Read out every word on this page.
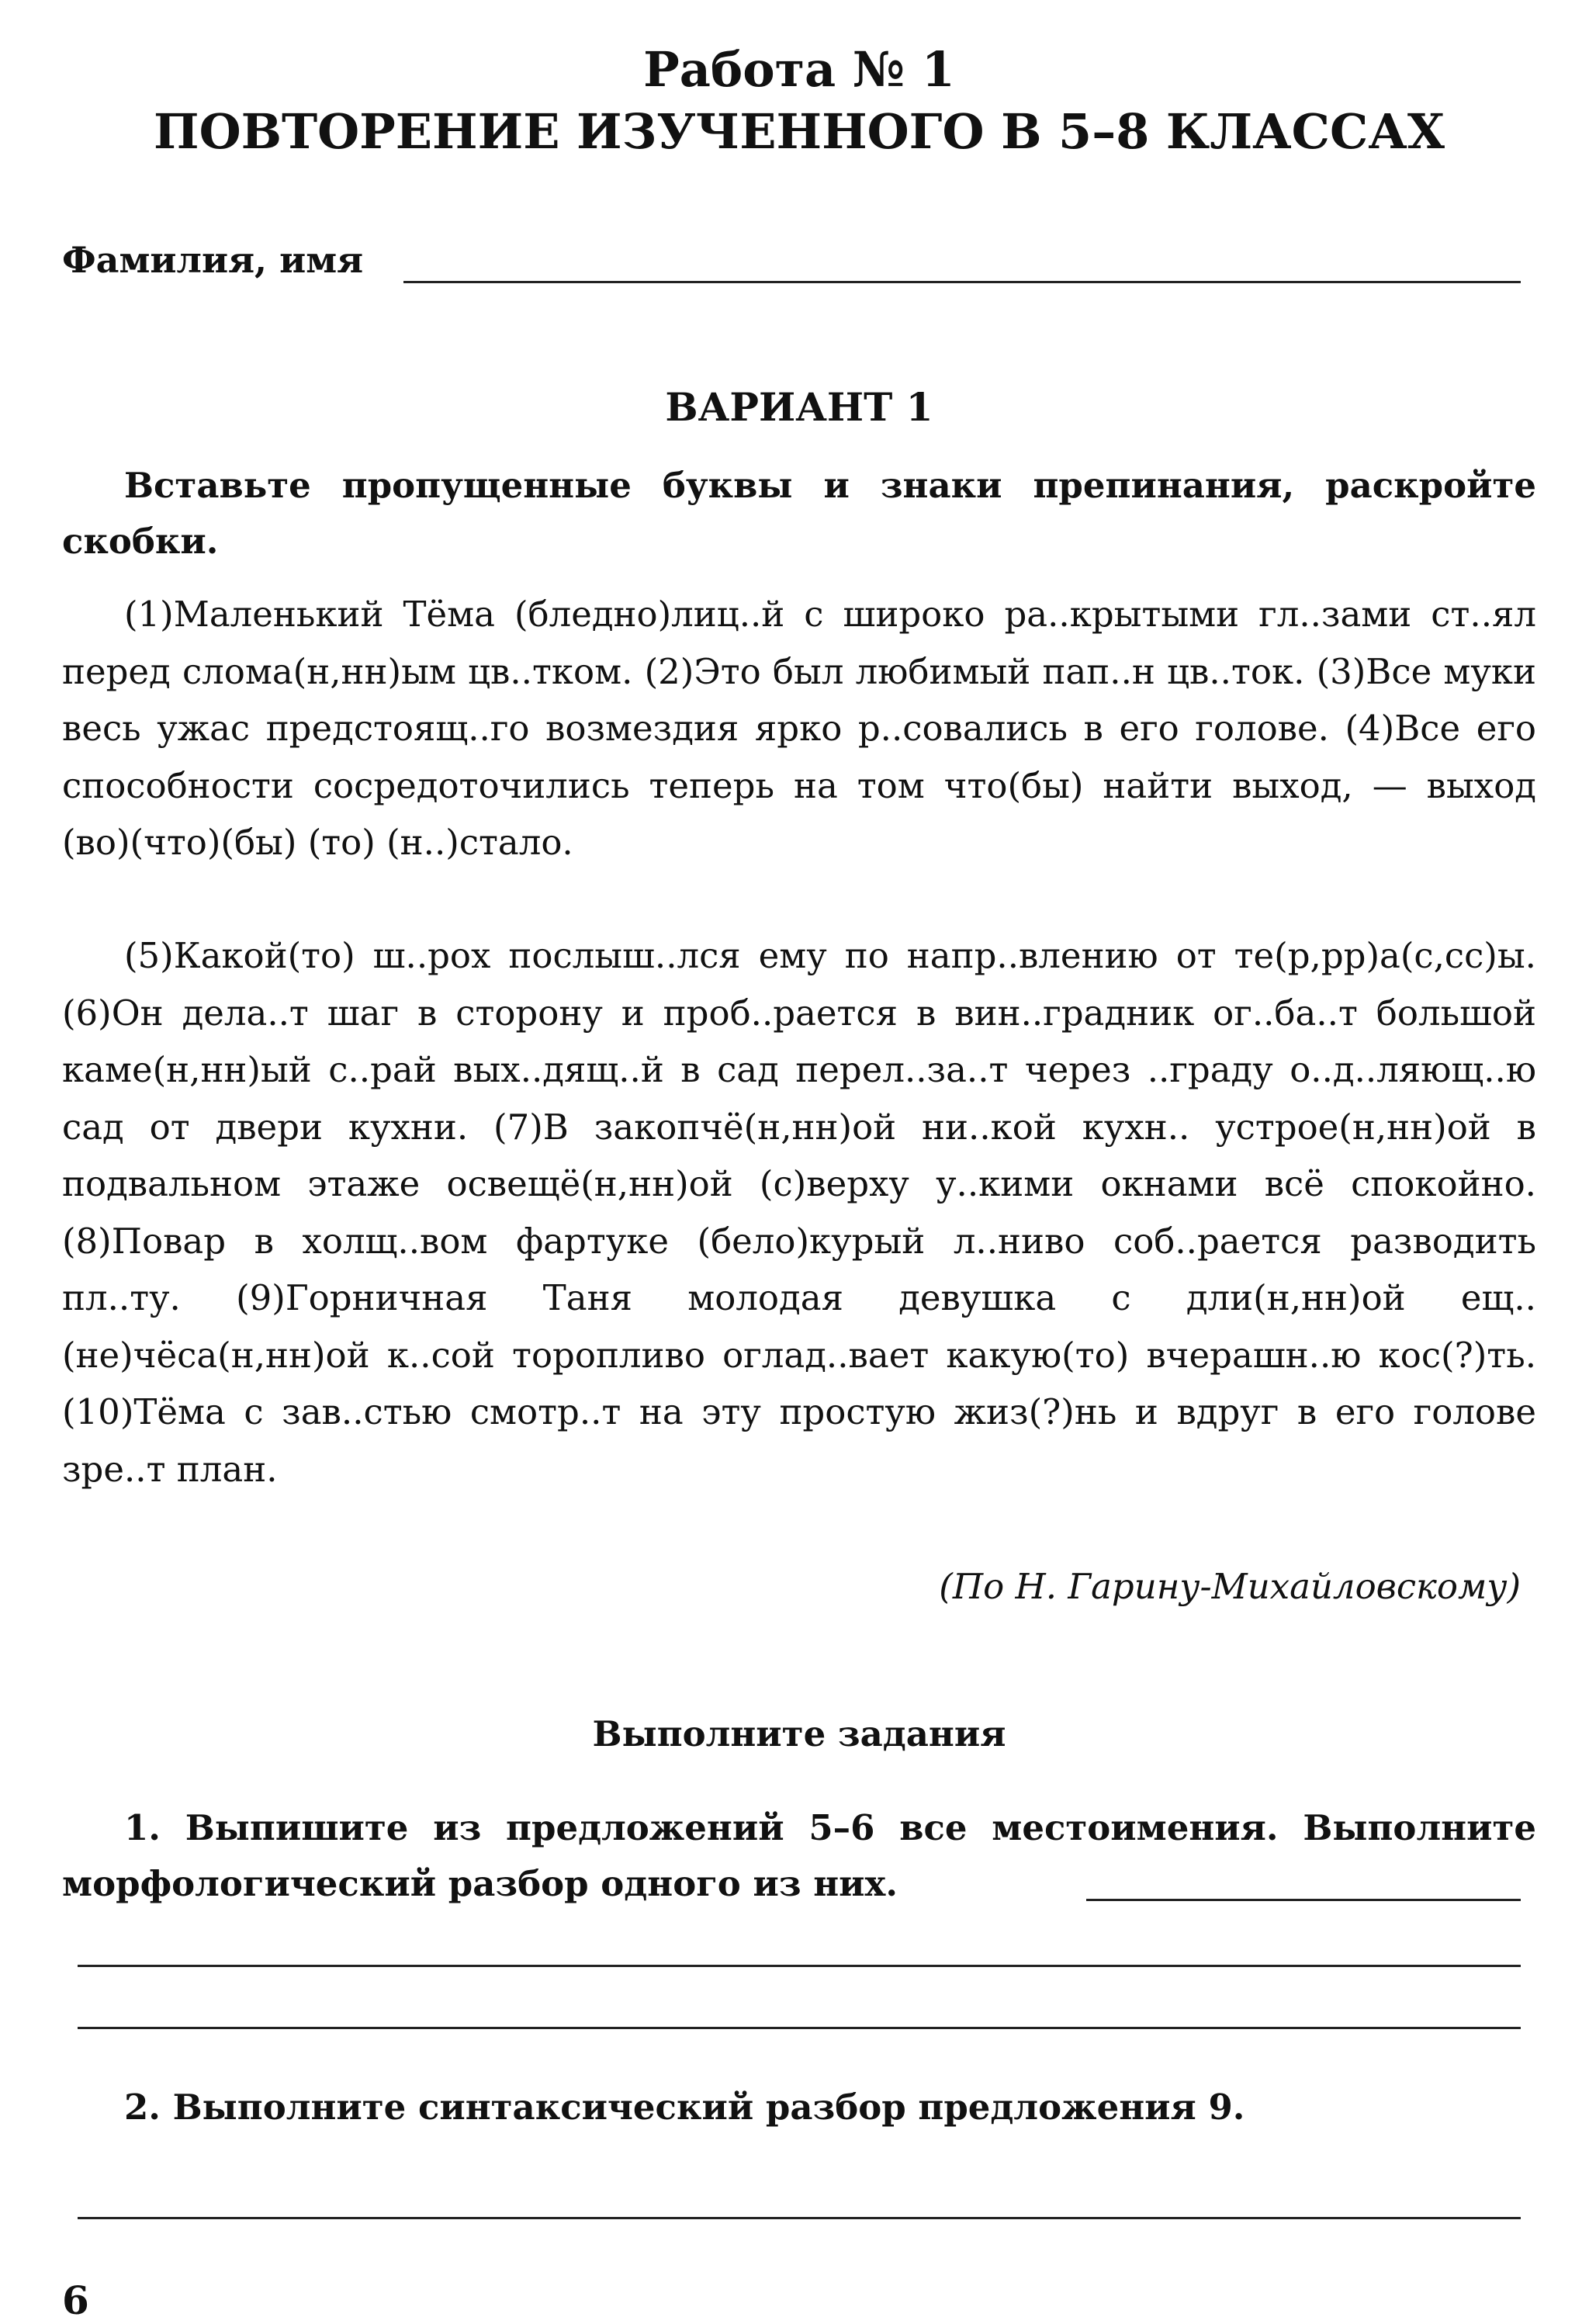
Работа № 1
ПОВТОРЕНИЕ ИЗУЧЕННОГО В 5–8 КЛАССАХ
Фамилия, имя
ВАРИАНТ 1
Вставьте пропущенные буквы и знаки препинания, раскройте скобки.
(1)Маленький Тёма (бледно)лиц..й с широко ра..крытыми гл..зами ст..ял перед слома(н,нн)ым цв..тком. (2)Это был любимый пап..н цв..ток. (3)Все муки весь ужас предстоящ..го возмездия ярко р..совались в его голове. (4)Все его способности сосредоточились теперь на том что(бы) найти выход, — выход (во)(что)(бы) (то) (н..)стало.
(5)Какой(то) ш..рох послыш..лся ему по напр..влению от те(р,рр)а(с,сс)ы. (6)Он дела..т шаг в сторону и проб..рается в вин..градник ог..ба..т большой каме(н,нн)ый с..рай вых..дящ..й в сад перел..за..т через ..граду о..д..ляющ..ю сад от двери кухни. (7)В закопчё(н,нн)ой ни..кой кухн.. устрое(н,нн)ой в подвальном этаже освещё(н,нн)ой (с)верху у..кими окнами всё спокойно. (8)Повар в холщ..вом фартуке (бело)курый л..ниво соб..рается разводить пл..ту. (9)Горничная Таня молодая девушка с дли(н,нн)ой ещ.. (не)чёса(н,нн)ой к..сой торопливо оглад..вает какую(то) вчерашн..ю кос(?)ть. (10)Тёма с зав..стью смотр..т на эту простую жиз(?)нь и вдруг в его голове зре..т план.
(По Н. Гарину-Михайловскому)
Выполните задания
1. Выпишите из предложений 5–6 все местоимения. Выполните морфологический разбор одного из них.
2. Выполните синтаксический разбор предложения 9.
6
